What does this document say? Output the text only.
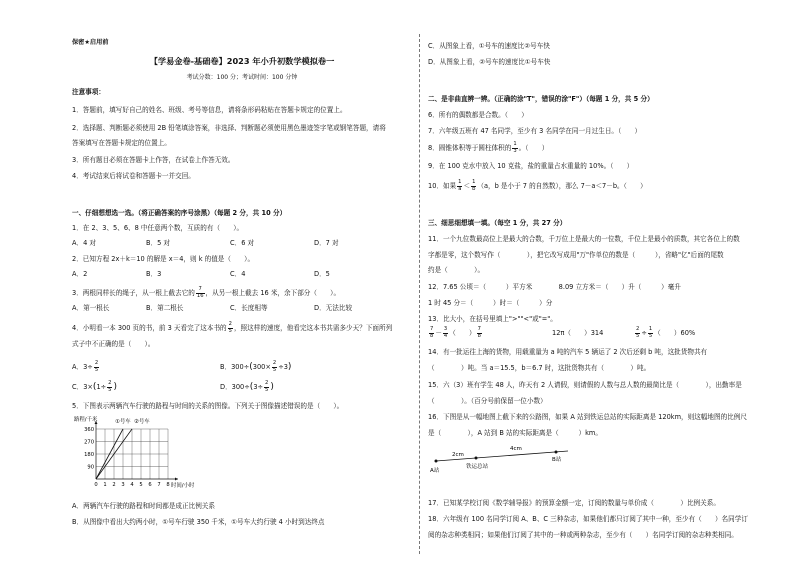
保密★启用前
【学易金卷-基础卷】2023 年小升初数学模拟卷一
考试分数：100 分；考试时间：100 分钟
注意事项：
1．答题前，填写好自己的姓名、班级、考号等信息，请将条形码粘贴在答题卡规定的位置上。
2．选择题、判断题必须使用 2B 铅笔填涂答案，非选择、判断题必须使用黑色墨迹签字笔或钢笔答题，请将
答案填写在答题卡规定的位置上。
3．所有题目必须在答题卡上作答，在试卷上作答无效。
4．考试结束后将试卷和答题卡一并交回。
一、仔细想想选一选。（将正确答案的序号涂黑）（每题 2 分，共 10 分）
1．在 2、3、5、6、8 中任意两个数，互质的有（　　）。
A．4 对	B．5 对	C．6 对	D．7 对
2．已知方程 2x＋k＝10 的解是 x＝4，则 k 的值是（　　）。
A．2	B．3	C．4	D．5
3．两根同样长的绳子，从一根上截去它的 $\frac{7}{16}$ ，从另一根上截去 16 米，余下部分（　　）。
A．第一根长	B．第二根长	C．长度相等	D．无法比较
4．小明看一本 300 页的书，前 3 天看完了这本书的 $\frac{2}{5}$ ，照这样的速度，他看完这本书共需多少天？下面所列
式子中不正确的是（　　）。
A．$3\div \frac{2}{5}$	B．$300\div(300\times \frac{2}{5} \div 3)$
C．$3\times(1\div \frac{2}{5}$ )	D．$300\div(3\div \frac{2}{5}$ )
5．下图表示两辆汽车行驶的路程与时间的关系的图像。下列关于图像描述错误的是（　　）。
0 1 2 3 4 5 6 7 8
90
180
270
360
路程/千米
时间/小时
①号车 ②号车
A．两辆汽车行驶的路程和时间都是成正比例关系
B．从图像中看出大约两小时，①号车行驶 350 千米，①号车大约行驶 4 小时到达终点
C．从图象上看，①号车的速度比②号车快
D．从图象上看，②号车的速度比①号车快
二、是非曲直辨一辨。（正确的涂"T"，错误的涂"F"）（每题 1 分，共 5 分）
6．所有的偶数都是合数。（　　）
7．六年级五班有 47 名同学，至少有 3 名同学在同一月过生日。（　　）
8．圆锥体积等于圆柱体积的 $\frac{1}{3}$ 。（　　）
9．在 100 克水中放入 10 克盐，盐的重量占水重量的 10%。（　　）
10．如果 $\frac{1}{a} < \frac{1}{b} (a$，b 是小于 7 的自然数），那么 7－a＜7－b。（　　）
三、细思细想填一填。（每空 1 分，共 27 分）
11．一个九位数最高位上是最大的合数，千万位上是最大的一位数，千位上是最小的质数，其它各位上的数
字都是零，这个数写作（　　　　），把它改写成用"万"作单位的数是（　　　），省略"亿"后面的尾数
约是（　　　　）。
12．7.65 公顷＝（　　　）平方米　　　　8.09 立方米＝（　　）升（　　　）毫升
1 时 45 分＝（　　　）时＝（　　　）分
13．比大小，在括号里填上">""<"或"="。
$\frac{7}{8} - \frac{3}{4}$ （　　） $\frac{7}{8}$	12π（　　）314	$\frac{2}{5} \div \frac{1}{5}$ （　　）60%
14．有一批运往上海的货物，用载重量为 a 吨的汽车 5 辆运了 2 次后还剩 b 吨，这批货物共有
（　　　　）吨。当 a＝15.5，b＝6.7 时，这批货物共有（　　　　）吨。
15．六（3）班有学生 48 人，昨天有 2 人请假，则请假的人数与总人数的最简比是（　　　　），出勤率是
（　　　　）。（百分号前保留一位小数）
16．下图是从一幅地图上截下来的公路图，如果 A 站到铁运总站的实际距离是 120km，则这幅地图的比例尺
是（　　　　），A 站到 B 站的实际距离是（　　　）km。
2cm
4cm
A站
铁运总站
B站
17．已知某学校订阅《数学辅导报》的预算金额一定，订阅的数量与单价成（　　　　）比例关系。
18．六年级有 100 名同学订阅 A、B、C 三种杂志，如果他们都只订阅了其中一种，至少有（　　）名同学订
阅的杂志种类相同；如果他们订阅了其中的一种或两种杂志，至少有（　　）名同学订阅的杂志种类相同。
